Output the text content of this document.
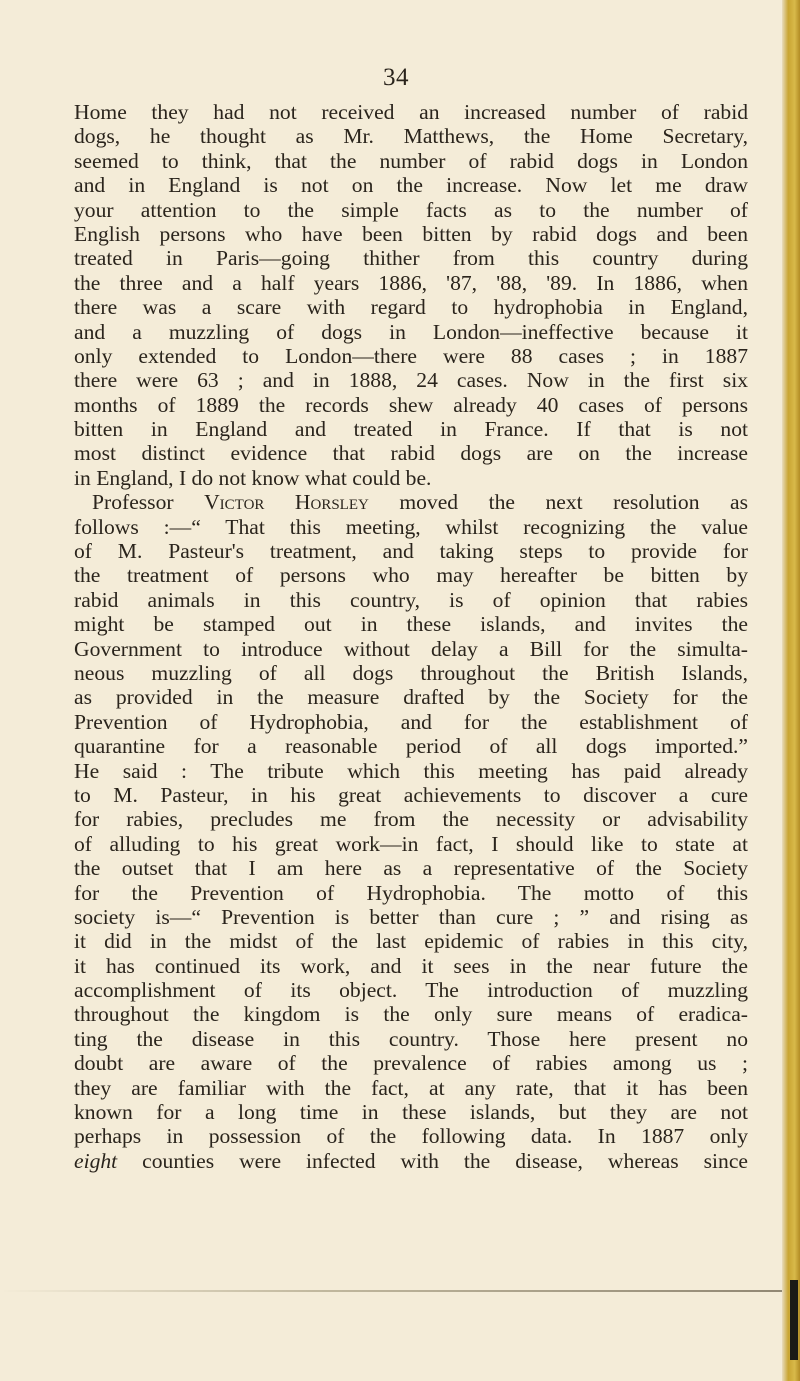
34
Home they had not received an increased number of rabid
dogs, he thought as Mr. Matthews, the Home Secretary,
seemed to think, that the number of rabid dogs in London
and in England is not on the increase. Now let me draw
your attention to the simple facts as to the number of
English persons who have been bitten by rabid dogs and been
treated in Paris—going thither from this country during
the three and a half years 1886, '87, '88, '89. In 1886, when
there was a scare with regard to hydrophobia in England,
and a muzzling of dogs in London—ineffective because it
only extended to London—there were 88 cases ; in 1887
there were 63 ; and in 1888, 24 cases. Now in the first six
months of 1889 the records shew already 40 cases of persons
bitten in England and treated in France. If that is not
most distinct evidence that rabid dogs are on the increase
in England, I do not know what could be.
Professor Victor Horsley moved the next resolution as
follows :—“ That this meeting, whilst recognizing the value
of M. Pasteur's treatment, and taking steps to provide for
the treatment of persons who may hereafter be bitten by
rabid animals in this country, is of opinion that rabies
might be stamped out in these islands, and invites the
Government to introduce without delay a Bill for the simulta-
neous muzzling of all dogs throughout the British Islands,
as provided in the measure drafted by the Society for the
Prevention of Hydrophobia, and for the establishment of
quarantine for a reasonable period of all dogs imported.”
He said : The tribute which this meeting has paid already
to M. Pasteur, in his great achievements to discover a cure
for rabies, precludes me from the necessity or advisability
of alluding to his great work—in fact, I should like to state at
the outset that I am here as a representative of the Society
for the Prevention of Hydrophobia. The motto of this
society is—“ Prevention is better than cure ; ” and rising as
it did in the midst of the last epidemic of rabies in this city,
it has continued its work, and it sees in the near future the
accomplishment of its object. The introduction of muzzling
throughout the kingdom is the only sure means of eradica-
ting the disease in this country. Those here present no
doubt are aware of the prevalence of rabies among us ;
they are familiar with the fact, at any rate, that it has been
known for a long time in these islands, but they are not
perhaps in possession of the following data. In 1887 only
eight counties were infected with the disease, whereas since
